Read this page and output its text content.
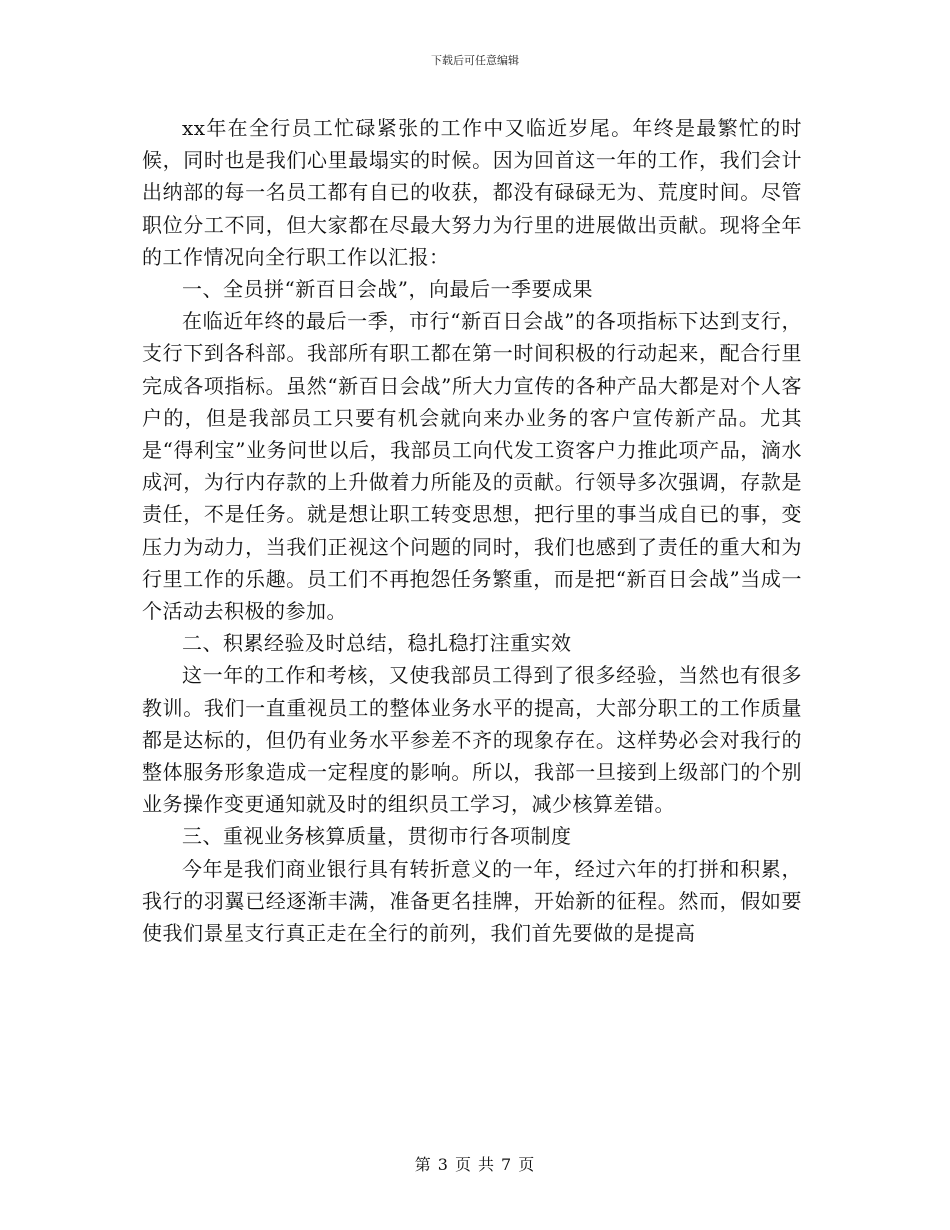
下载后可任意编辑

xx年在全行员工忙碌紧张的工作中又临近岁尾。年终是最繁忙的时候，同时也是我们心里最塌实的时候。因为回首这一年的工作，我们会计出纳部的每一名员工都有自已的收获，都没有碌碌无为、荒度时间。尽管职位分工不同，但大家都在尽最大努力为行里的进展做出贡献。现将全年的工作情况向全行职工作以汇报：

一、全员拼“新百日会战”，向最后一季要成果

在临近年终的最后一季，市行“新百日会战”的各项指标下达到支行，支行下到各科部。我部所有职工都在第一时间积极的行动起来，配合行里完成各项指标。虽然“新百日会战”所大力宣传的各种产品大都是对个人客户的，但是我部员工只要有机会就向来办业务的客户宣传新产品。尤其是“得利宝”业务问世以后，我部员工向代发工资客户力推此项产品，滴水成河，为行内存款的上升做着力所能及的贡献。行领导多次强调，存款是责任，不是任务。就是想让职工转变思想，把行里的事当成自已的事，变压力为动力，当我们正视这个问题的同时，我们也感到了责任的重大和为行里工作的乐趣。员工们不再抱怨任务繁重，而是把“新百日会战”当成一个活动去积极的参加。

二、积累经验及时总结，稳扎稳打注重实效

这一年的工作和考核，又使我部员工得到了很多经验，当然也有很多教训。我们一直重视员工的整体业务水平的提高，大部分职工的工作质量都是达标的，但仍有业务水平参差不齐的现象存在。这样势必会对我行的整体服务形象造成一定程度的影响。所以，我部一旦接到上级部门的个别业务操作变更通知就及时的组织员工学习，减少核算差错。

三、重视业务核算质量，贯彻市行各项制度

今年是我们商业银行具有转折意义的一年，经过六年的打拼和积累，我行的羽翼已经逐渐丰满，准备更名挂牌，开始新的征程。然而，假如要使我们景星支行真正走在全行的前列，我们首先要做的是提高

第 3 页 共 7 页
